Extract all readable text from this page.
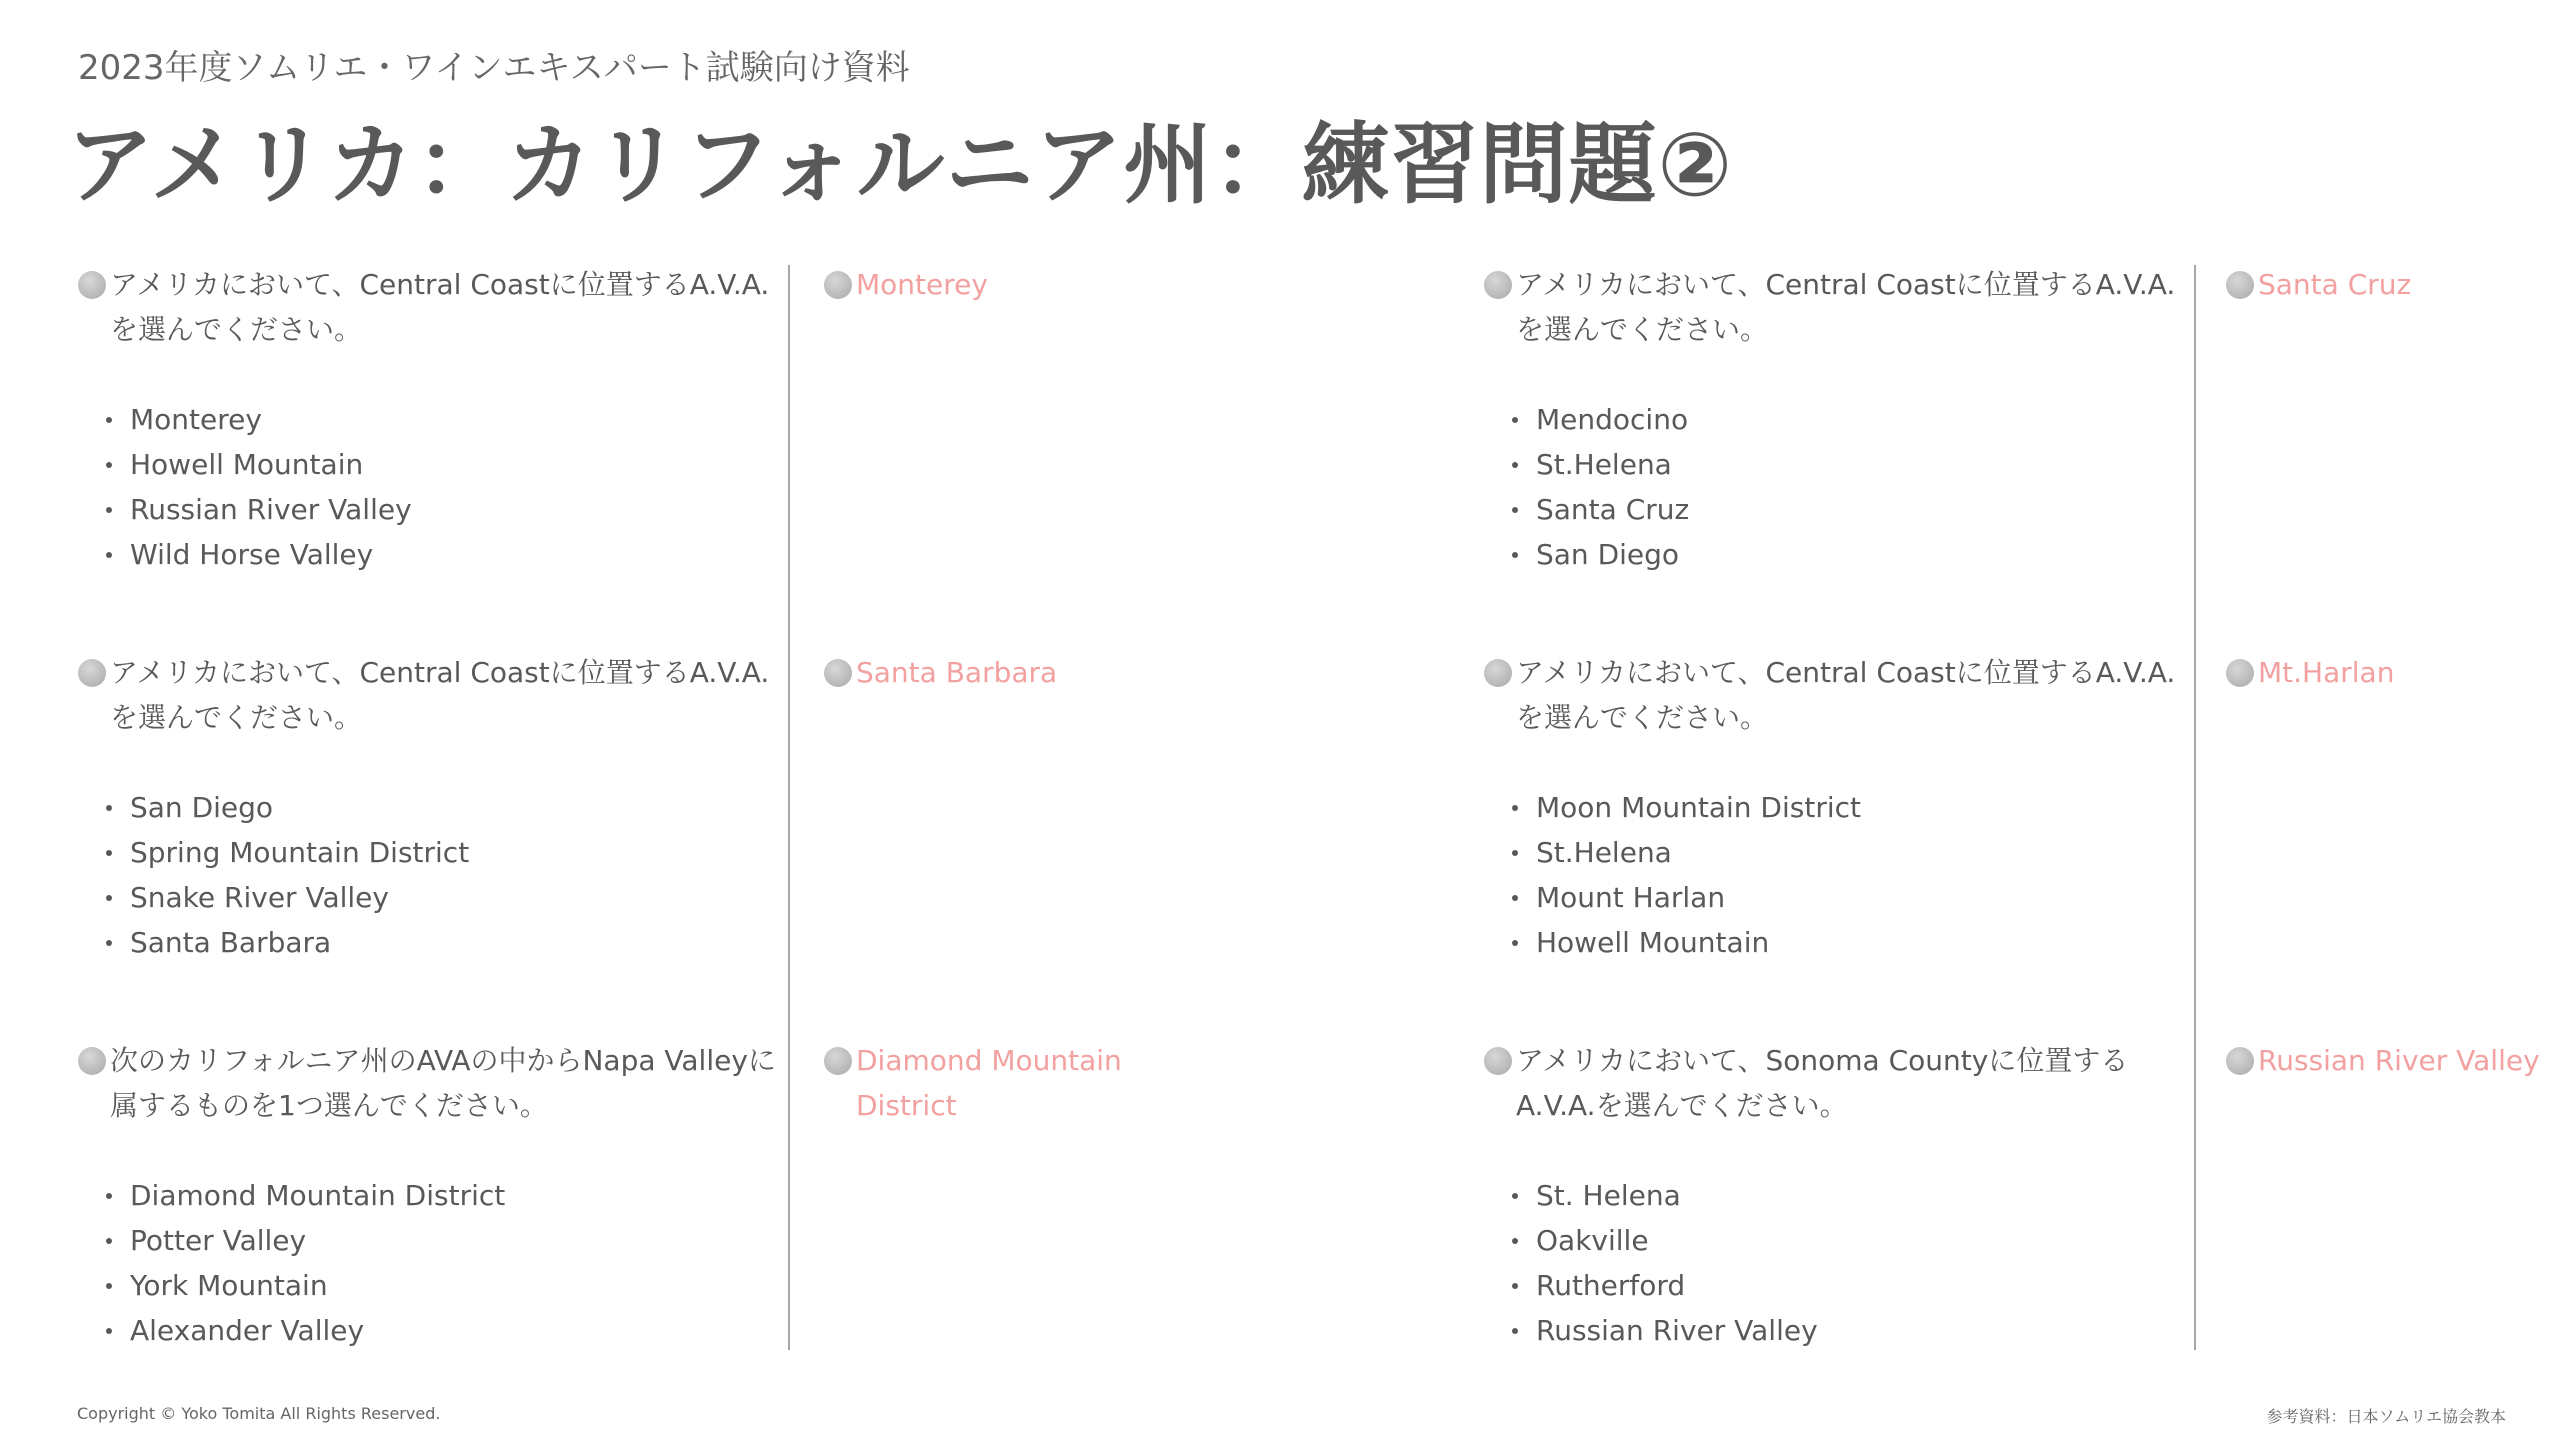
2023年度ソムリエ・ワインエキスパート試験向け資料
アメリカ：カリフォルニア州：練習問題②
アメリカにおいて、Central Coastに位置するA.V.A.を選んでください。
Monterey
Howell Mountain
Russian River Valley
Wild Horse Valley
Monterey
アメリカにおいて、Central Coastに位置するA.V.A.を選んでください。
San Diego
Spring Mountain District
Snake River Valley
Santa Barbara
Santa Barbara
次のカリフォルニア州のAVAの中からNapa Valleyに属するものを1つ選んでください。
Diamond Mountain District
Potter Valley
York Mountain
Alexander Valley
Diamond Mountain District
アメリカにおいて、Central Coastに位置するA.V.A.を選んでください。
Mendocino
St.Helena
Santa Cruz
San Diego
Santa Cruz
アメリカにおいて、Central Coastに位置するA.V.A.を選んでください。
Moon Mountain District
St.Helena
Mount Harlan
Howell Mountain
Mt.Harlan
アメリカにおいて、Sonoma Countyに位置するA.V.A.を選んでください。
St. Helena
Oakville
Rutherford
Russian River Valley
Russian River Valley
Copyright © Yoko Tomita All Rights Reserved.	参考資料：日本ソムリエ協会教本
